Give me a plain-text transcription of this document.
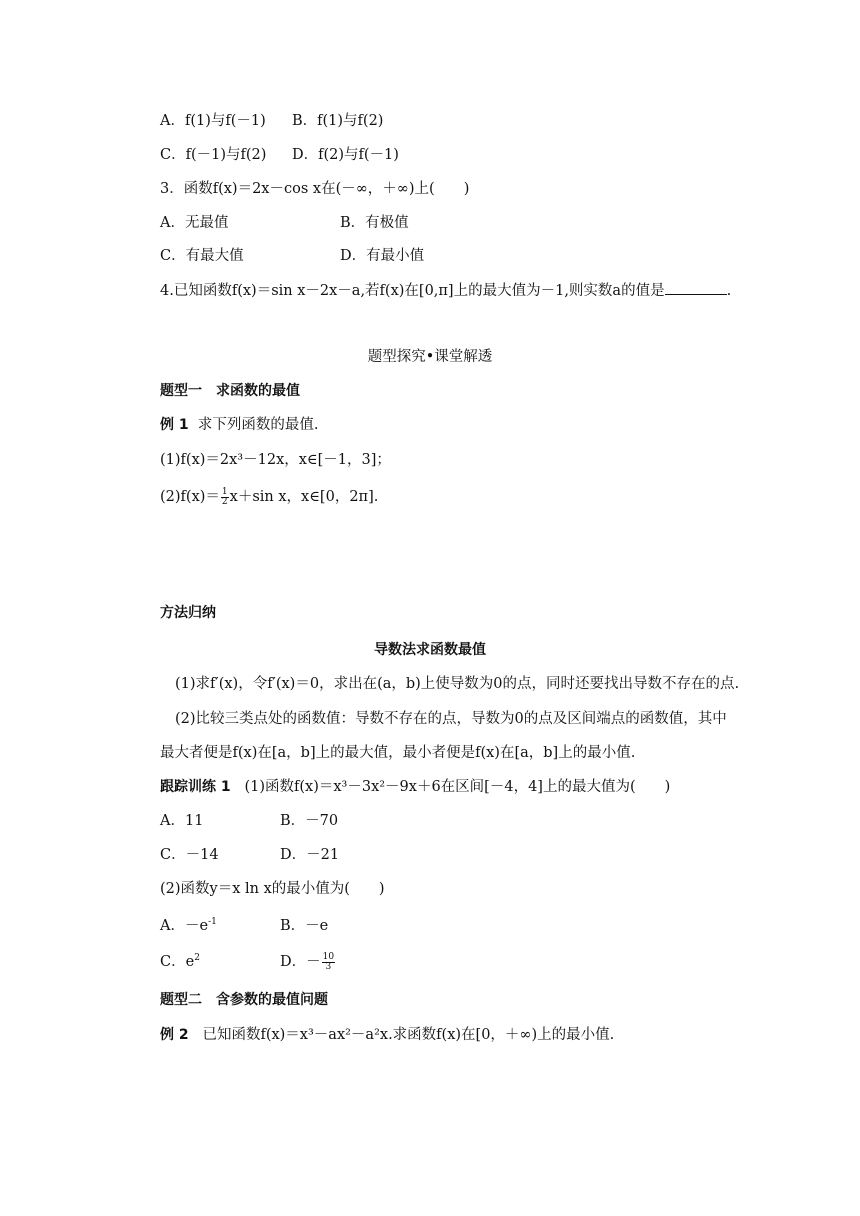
A．f(1)与f(－1) B．f(1)与f(2)
C．f(－1)与f(2) D．f(2)与f(－1)
3．函数f(x)＝2x－cos x在(－∞，＋∞)上(　　)
A．无最值	B．有极值
C．有最大值	D．有最小值
4.已知函数f(x)＝sin x－2x－a,若f(x)在[0,π]上的最大值为－1,则实数a的值是	.
题型探究•课堂解透
题型一　求函数的最值
例 1 求下列函数的最值.
(1)f(x)＝2x³－12x，x∈[－1，3]；
$(2)f(x)= \frac{1}{2} x+\sin$ x，x∈[0，2π].
方法归纳
导数法求函数最值
(1)求f′(x)，令f′(x)＝0，求出在(a，b)上使导数为0的点，同时还要找出导数不存在的点.
(2)比较三类点处的函数值：导数不存在的点，导数为0的点及区间端点的函数值，其中
最大者便是f(x)在[a，b]上的最大值，最小者便是f(x)在[a，b]上的最小值.
跟踪训练 1 (1)函数f(x)＝x³－3x²－9x＋6在区间[－4，4]上的最大值为(　　)
A．11	B．－70
C．－14	D．－21
(2)函数y＝x ln x的最小值为(　　)
A．$-e^{-1}$	B．－e
C．$e^2$	D．－ $\frac{10}{3}$
题型二　含参数的最值问题
例 2 已知函数f(x)＝x³－ax²－a²x.求函数f(x)在[0，＋∞)上的最小值.
